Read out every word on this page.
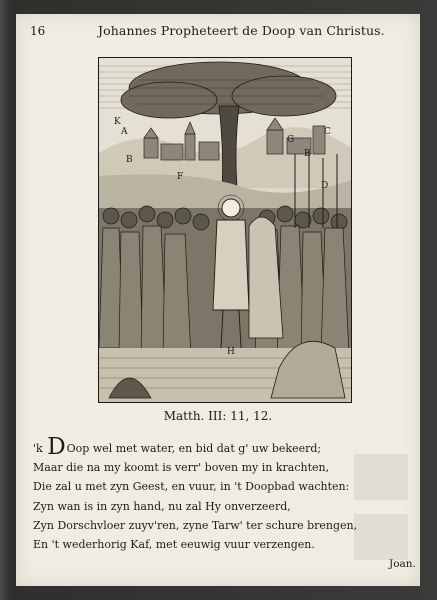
16	Johannes Propheteert de Doop van Christus.
A
B
C
D
E
F
G
H
K
Matth. III: 11, 12.
'k DOop wel met water, en bid dat g' uw bekeerd;
Maar die na my koomt is verr' boven my in krachten,
Die zal u met zyn Geest, en vuur, in 't Doopbad wachten:
Zyn wan is in zyn hand, nu zal Hy onverzeerd,
Zyn Dorschvloer zuyv'ren, zyne Tarw' ter schure brengen,
En 't wederhorig Kaf, met eeuwig vuur verzengen.
Joan.
